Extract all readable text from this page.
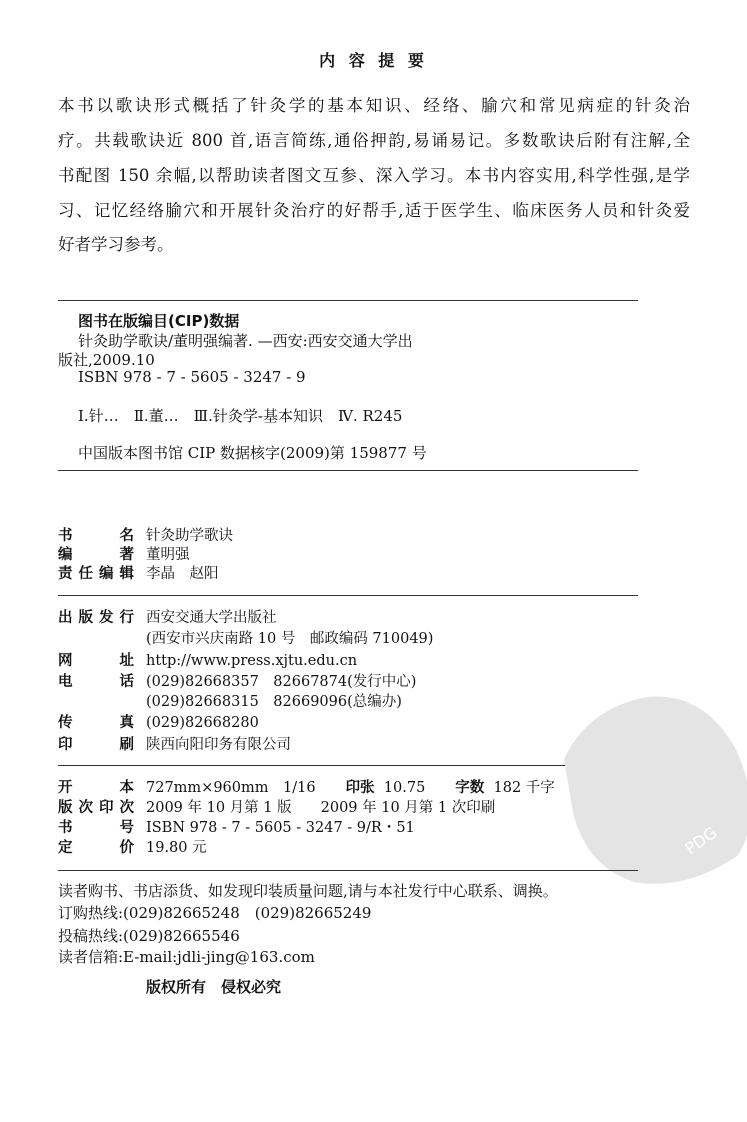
内 容 提 要
本书以歌诀形式概括了针灸学的基本知识、经络、腧穴和常见病症的针灸治
疗。共载歌诀近 800 首,语言简练,通俗押韵,易诵易记。多数歌诀后附有注解,全
书配图 150 余幅,以帮助读者图文互参、深入学习。本书内容实用,科学性强,是学
习、记忆经络腧穴和开展针灸治疗的好帮手,适于医学生、临床医务人员和针灸爱
好者学习参考。
图书在版编目(CIP)数据
针灸助学歌诀/董明强编著. —西安:西安交通大学出
版社,2009.10
ISBN 978 - 7 - 5605 - 3247 - 9
Ⅰ.针…　Ⅱ.董…　Ⅲ.针灸学-基本知识　Ⅳ. R245
中国版本图书馆 CIP 数据核字(2009)第 159877 号
书名 针灸助学歌诀
编著 董明强
责任编辑 李晶　赵阳
出版发行 西安交通大学出版社
(西安市兴庆南路 10 号　邮政编码 710049)
网址 http://www.press.xjtu.edu.cn
电话 (029)82668357　82667874(发行中心)
(029)82668315　82669096(总编办)
传真 (029)82668280
印刷 陕西向阳印务有限公司
PDG
开本 727mm×960mm　1/16 印张 10.75 字数 182 千字
版次印次 2009 年 10 月第 1 版　　2009 年 10 月第 1 次印刷
书号 ISBN 978 - 7 - 5605 - 3247 - 9/R・51
定价 19.80 元
读者购书、书店添货、如发现印装质量问题,请与本社发行中心联系、调换。
订购热线:(029)82665248　(029)82665249
投稿热线:(029)82665546
读者信箱:E-mail:jdli-jing@163.com
版权所有　侵权必究
